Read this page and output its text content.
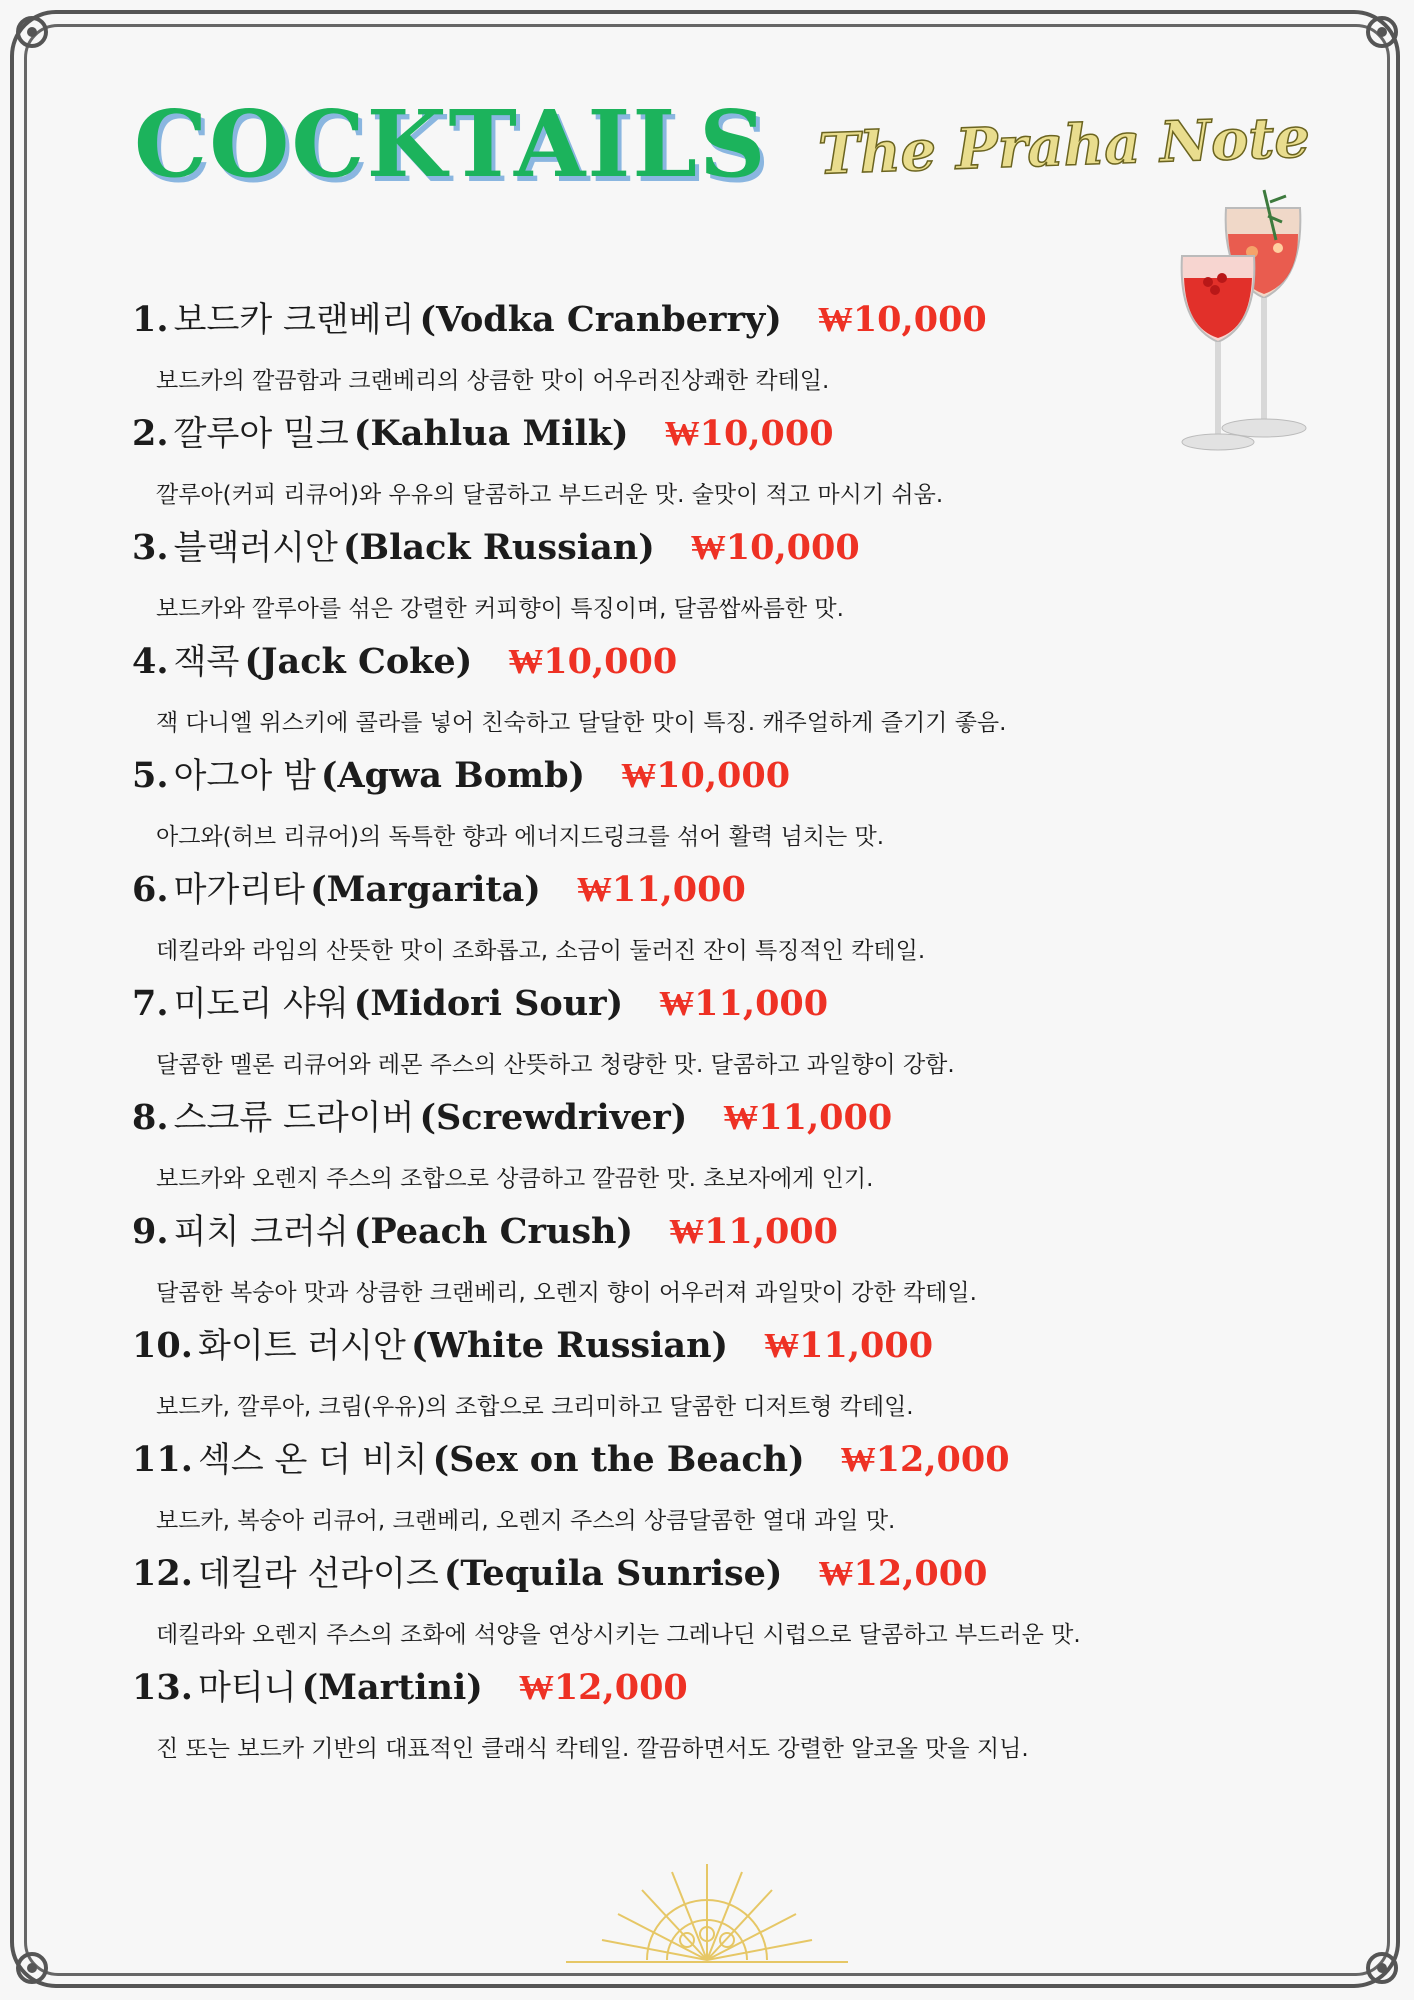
COCKTAILS The Praha Note
1. 보드카 크랜베리 (Vodka Cranberry) ₩10,000
보드카의 깔끔함과 크랜베리의 상큼한 맛이 어우러진상쾌한 칵테일.
2. 깔루아 밀크 (Kahlua Milk) ₩10,000
깔루아(커피 리큐어)와 우유의 달콤하고 부드러운 맛. 술맛이 적고 마시기 쉬움.
3. 블랙러시안 (Black Russian) ₩10,000
보드카와 깔루아를 섞은 강렬한 커피향이 특징이며, 달콤쌉싸름한 맛.
4. 잭콕 (Jack Coke) ₩10,000
잭 다니엘 위스키에 콜라를 넣어 친숙하고 달달한 맛이 특징. 캐주얼하게 즐기기 좋음.
5. 아그아 밤 (Agwa Bomb) ₩10,000
아그와(허브 리큐어)의 독특한 향과 에너지드링크를 섞어 활력 넘치는 맛.
6. 마가리타 (Margarita) ₩11,000
데킬라와 라임의 산뜻한 맛이 조화롭고, 소금이 둘러진 잔이 특징적인 칵테일.
7. 미도리 샤워 (Midori Sour) ₩11,000
달콤한 멜론 리큐어와 레몬 주스의 산뜻하고 청량한 맛. 달콤하고 과일향이 강함.
8. 스크류 드라이버 (Screwdriver) ₩11,000
보드카와 오렌지 주스의 조합으로 상큼하고 깔끔한 맛. 초보자에게 인기.
9. 피치 크러쉬 (Peach Crush) ₩11,000
달콤한 복숭아 맛과 상큼한 크랜베리, 오렌지 향이 어우러져 과일맛이 강한 칵테일.
10. 화이트 러시안 (White Russian) ₩11,000
보드카, 깔루아, 크림(우유)의 조합으로 크리미하고 달콤한 디저트형 칵테일.
11. 섹스 온 더 비치 (Sex on the Beach) ₩12,000
보드카, 복숭아 리큐어, 크랜베리, 오렌지 주스의 상큼달콤한 열대 과일 맛.
12. 데킬라 선라이즈 (Tequila Sunrise) ₩12,000
데킬라와 오렌지 주스의 조화에 석양을 연상시키는 그레나딘 시럽으로 달콤하고 부드러운 맛.
13. 마티니 (Martini) ₩12,000
진 또는 보드카 기반의 대표적인 클래식 칵테일. 깔끔하면서도 강렬한 알코올 맛을 지님.
